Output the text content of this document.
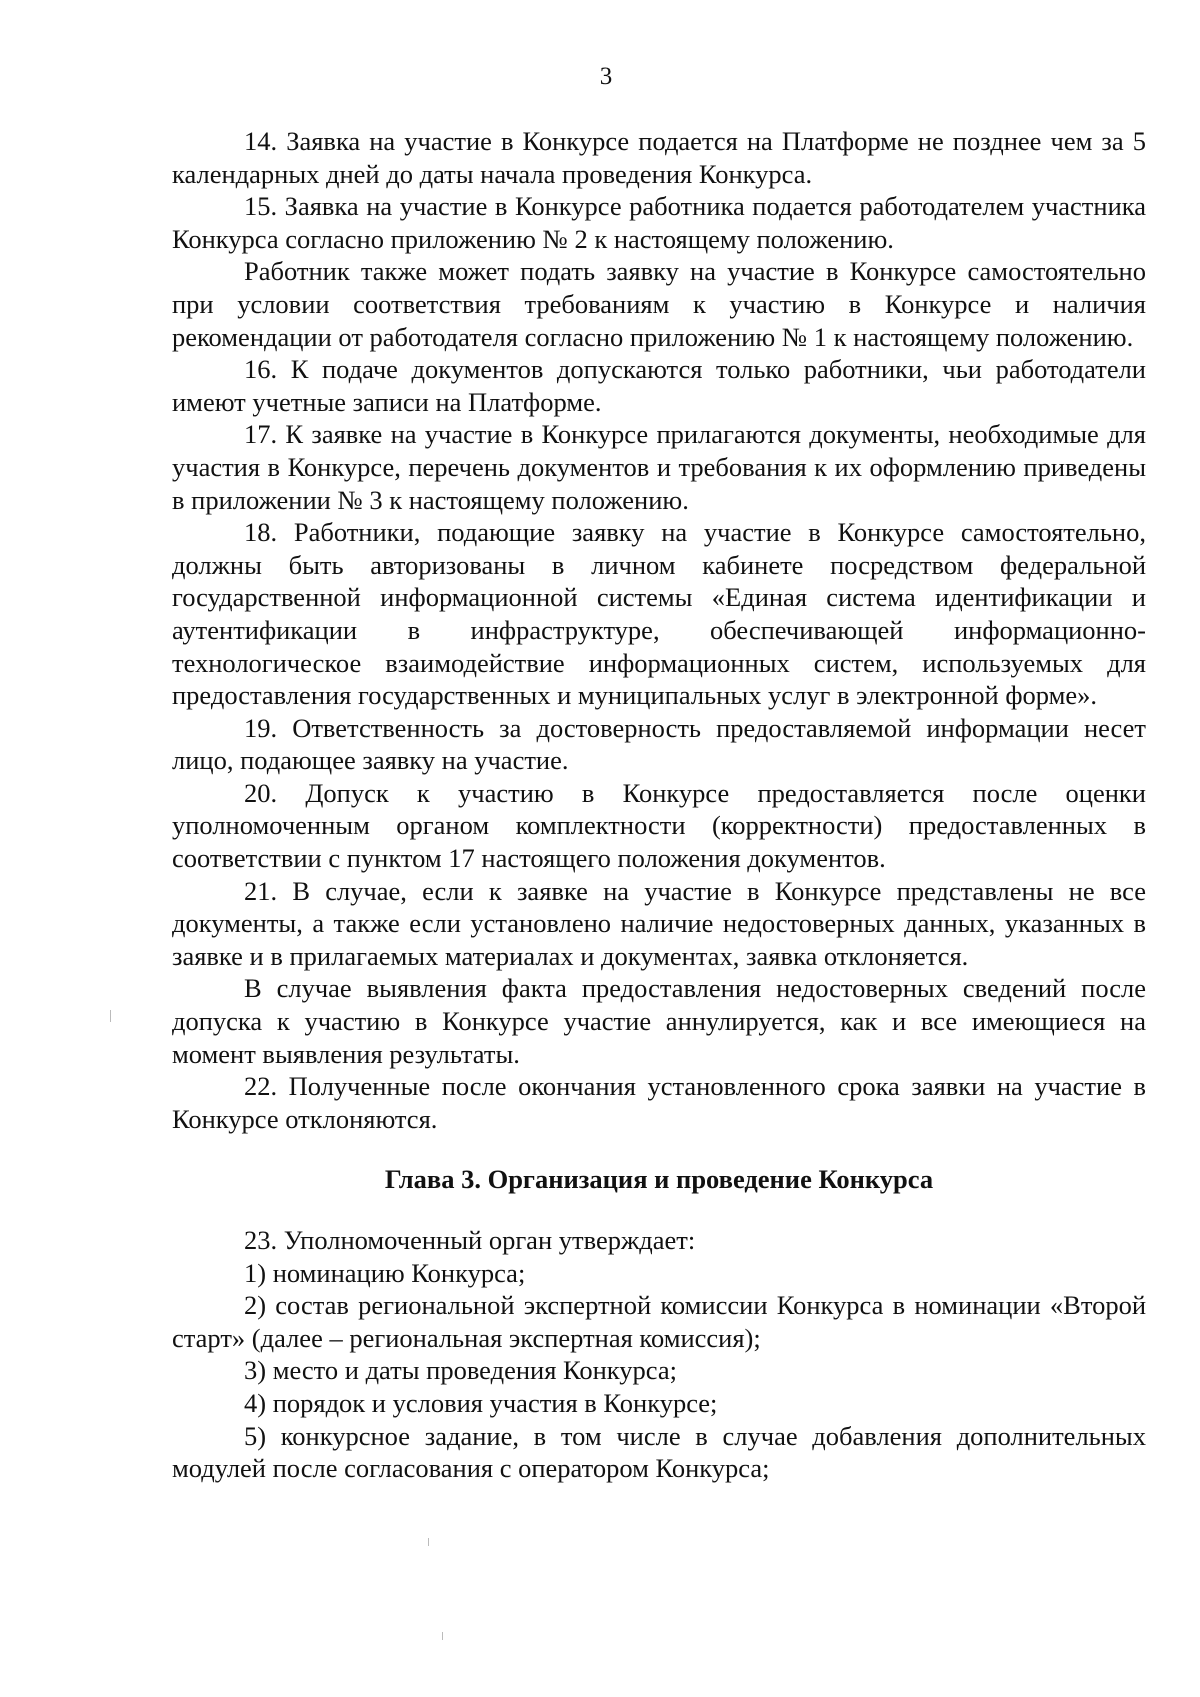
3

14. Заявка на участие в Конкурсе подается на Платформе не позднее чем за 5 календарных дней до даты начала проведения Конкурса.

15. Заявка на участие в Конкурсе работника подается работодателем участника Конкурса согласно приложению № 2 к настоящему положению.

Работник также может подать заявку на участие в Конкурсе самостоятельно при условии соответствия требованиям к участию в Конкурсе и наличия рекомендации от работодателя согласно приложению № 1 к настоящему положению.

16. К подаче документов допускаются только работники, чьи работодатели имеют учетные записи на Платформе.

17. К заявке на участие в Конкурсе прилагаются документы, необходимые для участия в Конкурсе, перечень документов и требования к их оформлению приведены в приложении № 3 к настоящему положению.

18. Работники, подающие заявку на участие в Конкурсе самостоятельно, должны быть авторизованы в личном кабинете посредством федеральной государственной информационной системы «Единая система идентификации и аутентификации в инфраструктуре, обеспечивающей информационно-технологическое взаимодействие информационных систем, используемых для предоставления государственных и муниципальных услуг в электронной форме».

19. Ответственность за достоверность предоставляемой информации несет лицо, подающее заявку на участие.

20. Допуск к участию в Конкурсе предоставляется после оценки уполномоченным органом комплектности (корректности) предоставленных в соответствии с пунктом 17 настоящего положения документов.

21. В случае, если к заявке на участие в Конкурсе представлены не все документы, а также если установлено наличие недостоверных данных, указанных в заявке и в прилагаемых материалах и документах, заявка отклоняется.

В случае выявления факта предоставления недостоверных сведений после допуска к участию в Конкурсе участие аннулируется, как и все имеющиеся на момент выявления результаты.

22. Полученные после окончания установленного срока заявки на участие в Конкурсе отклоняются.

Глава 3. Организация и проведение Конкурса

23. Уполномоченный орган утверждает:

1) номинацию Конкурса;

2) состав региональной экспертной комиссии Конкурса в номинации «Второй старт» (далее – региональная экспертная комиссия);

3) место и даты проведения Конкурса;

4) порядок и условия участия в Конкурсе;

5) конкурсное задание, в том числе в случае добавления дополнительных модулей после согласования с оператором Конкурса;
